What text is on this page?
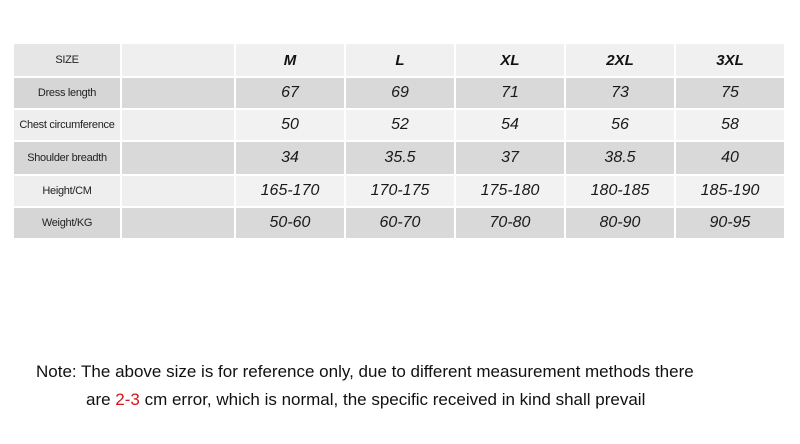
SIZE		M	L	XL	2XL	3XL
Dress length		67	69	71	73	75
Chest circumference		50	52	54	56	58
Shoulder breadth		34	35.5	37	38.5	40
Height/CM		165-170	170-175	175-180	180-185	185-190
Weight/KG		50-60	60-70	70-80	80-90	90-95
Note: The above size is for reference only, due to different measurement methods there
are 2-3 cm error, which is normal, the specific received in kind shall prevail
